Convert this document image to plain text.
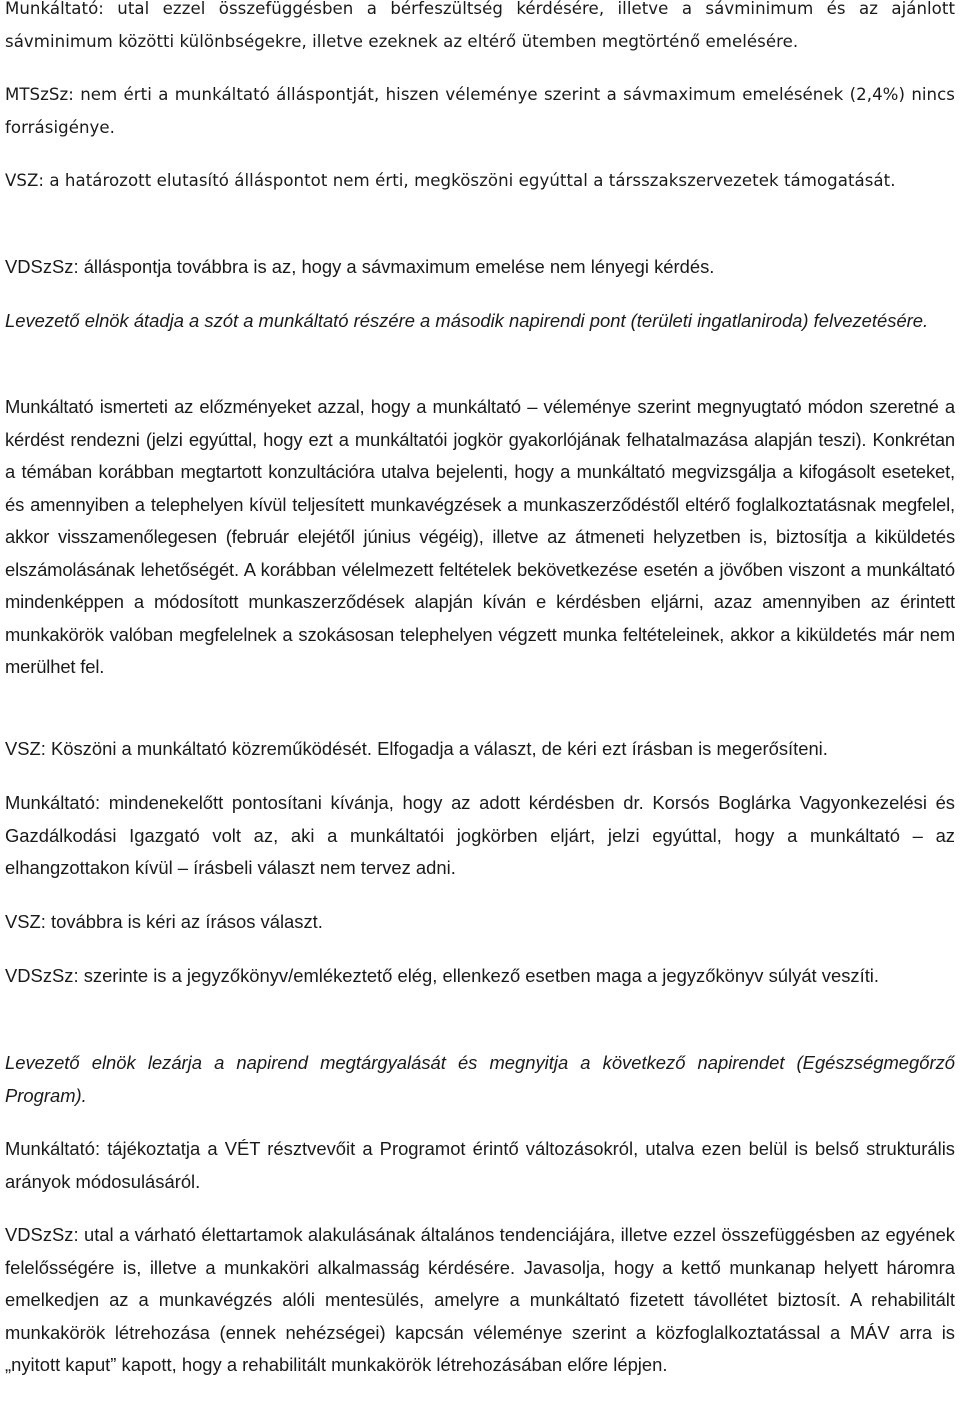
Munkáltató: utal ezzel összefüggésben a bérfeszültség kérdésére, illetve a sávminimum és az ajánlott sávminimum közötti különbségekre, illetve ezeknek az eltérő ütemben megtörténő emelésére.

MTSzSz: nem érti a munkáltató álláspontját, hiszen véleménye szerint a sávmaximum emelésének (2,4%) nincs forrásigénye.

VSZ: a határozott elutasító álláspontot nem érti, megköszöni egyúttal a társszakszervezetek támogatását.

VDSzSz: álláspontja továbbra is az, hogy a sávmaximum emelése nem lényegi kérdés.

Levezető elnök átadja a szót a munkáltató részére a második napirendi pont (területi ingatlaniroda) felvezetésére.

Munkáltató ismerteti az előzményeket azzal, hogy a munkáltató – véleménye szerint megnyugtató módon szeretné a kérdést rendezni (jelzi egyúttal, hogy ezt a munkáltatói jogkör gyakorlójának felhatalmazása alapján teszi). Konkrétan a témában korábban megtartott konzultációra utalva bejelenti, hogy a munkáltató megvizsgálja a kifogásolt eseteket, és amennyiben a telephelyen kívül teljesített munkavégzések a munkaszerződéstől eltérő foglalkoztatásnak megfelel, akkor visszamenőlegesen (február elejétől június végéig), illetve az átmeneti helyzetben is, biztosítja a kiküldetés elszámolásának lehetőségét. A korábban vélelmezett feltételek bekövetkezése esetén a jövőben viszont a munkáltató mindenképpen a módosított munkaszerződések alapján kíván e kérdésben eljárni, azaz amennyiben az érintett munkakörök valóban megfelelnek a szokásosan telephelyen végzett munka feltételeinek, akkor a kiküldetés már nem merülhet fel.

VSZ: Köszöni a munkáltató közreműködését. Elfogadja a választ, de kéri ezt írásban is megerősíteni.

Munkáltató: mindenekelőtt pontosítani kívánja, hogy az adott kérdésben dr. Korsós Boglárka Vagyonkezelési és Gazdálkodási Igazgató volt az, aki a munkáltatói jogkörben eljárt, jelzi egyúttal, hogy a munkáltató – az elhangzottakon kívül – írásbeli választ nem tervez adni.

VSZ: továbbra is kéri az írásos választ.

VDSzSz: szerinte is a jegyzőkönyv/emlékeztető elég, ellenkező esetben maga a jegyzőkönyv súlyát veszíti.

Levezető elnök lezárja a napirend megtárgyalását és megnyitja a következő napirendet (Egészségmegőrző Program).

Munkáltató: tájékoztatja a VÉT résztvevőit a Programot érintő változásokról, utalva ezen belül is belső strukturális arányok módosulásáról.

VDSzSz: utal a várható élettartamok alakulásának általános tendenciájára, illetve ezzel összefüggésben az egyének felelősségére is, illetve a munkaköri alkalmasság kérdésére. Javasolja, hogy a kettő munkanap helyett háromra emelkedjen az a munkavégzés alóli mentesülés, amelyre a munkáltató fizetett távollétet biztosít. A rehabilitált munkakörök létrehozása (ennek nehézségei) kapcsán véleménye szerint a közfoglalkoztatással a MÁV arra is „nyitott kaput” kapott, hogy a rehabilitált munkakörök létrehozásában előre lépjen.
